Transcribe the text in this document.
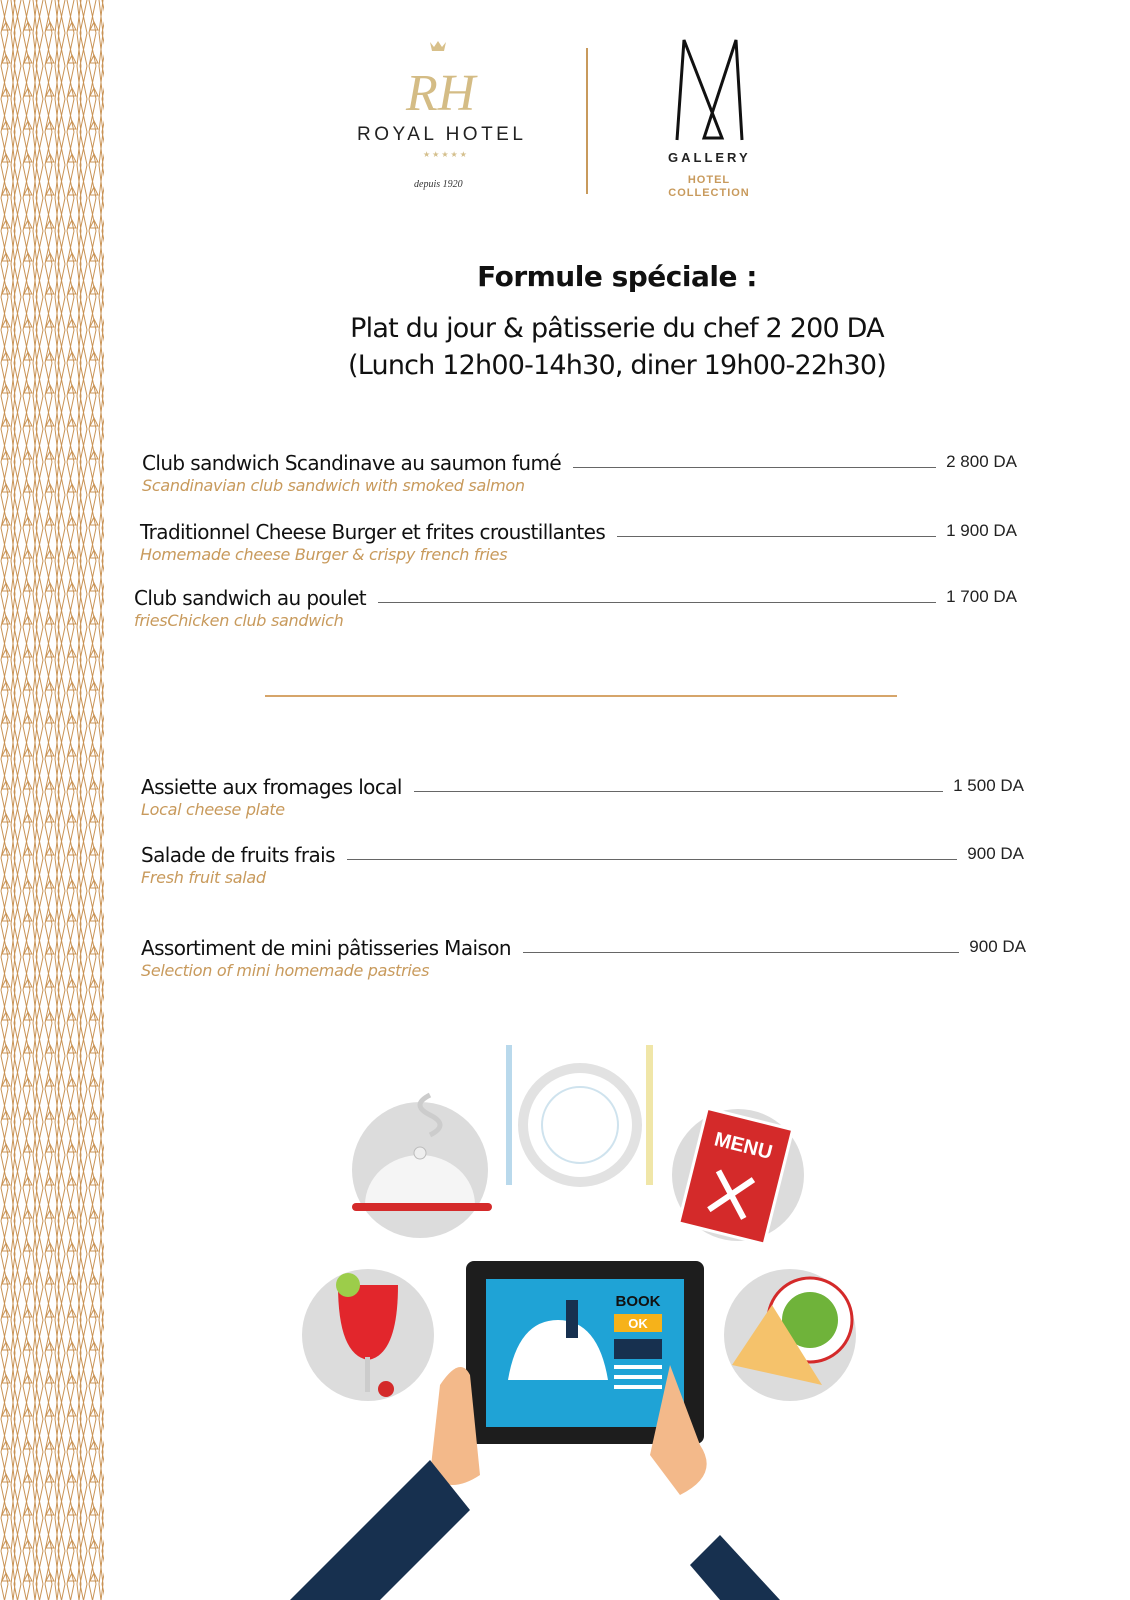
RH
ROYAL HOTEL
★★★★★
depuis 1920
GALLERY
HOTEL
COLLECTION
Formule spéciale :
Plat du jour & pâtisserie du chef 2 200 DA
(Lunch 12h00-14h30, diner 19h00-22h30)
Club sandwich Scandinave au saumon fumé	2 800 DA
Scandinavian club sandwich with smoked salmon
Traditionnel Cheese Burger et frites croustillantes	1 900 DA
Homemade cheese Burger & crispy french fries
Club sandwich au poulet	1 700 DA
friesChicken club sandwich
Assiette aux fromages local	1 500 DA
Local cheese plate
Salade de fruits frais	900 DA
Fresh fruit salad
Assortiment de mini pâtisseries Maison	900 DA
Selection of mini homemade pastries
MENU
BOOK
OK
